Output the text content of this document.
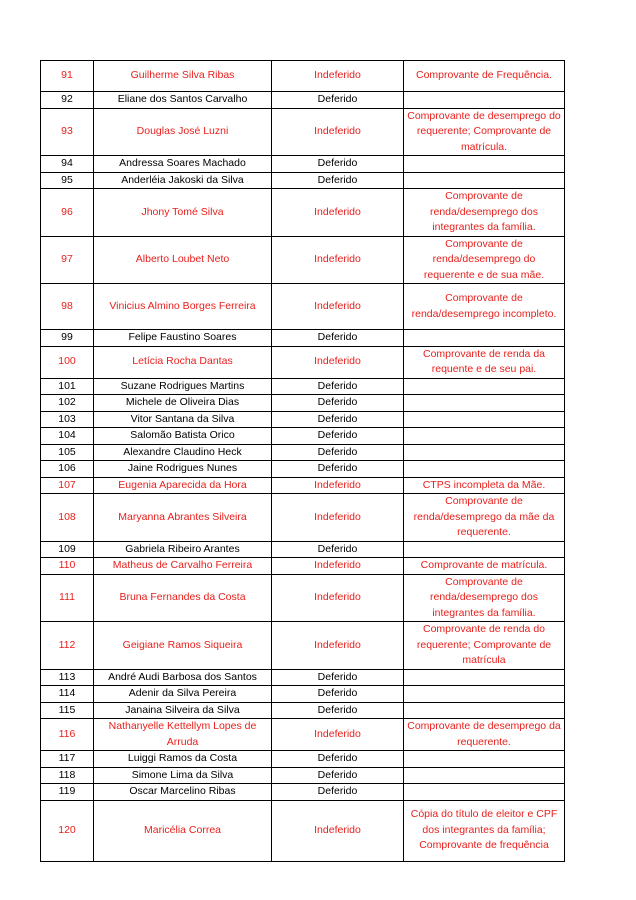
91	Guilherme Silva Ribas	Indeferido	Comprovante de Frequência.
92	Eliane dos Santos Carvalho	Deferido	
93	Douglas José Luzni	Indeferido	Comprovante de desemprego do requerente; Comprovante de matrícula.
94	Andressa Soares Machado	Deferido	
95	Anderléia Jakoski da Silva	Deferido	
96	Jhony Tomé Silva	Indeferido	Comprovante de renda/desemprego dos integrantes da família.
97	Alberto Loubet Neto	Indeferido	Comprovante de renda/desemprego do requerente e de sua mãe.
98	Vinicius Almino Borges Ferreira	Indeferido	Comprovante de renda/desemprego incompleto.
99	Felipe Faustino Soares	Deferido	
100	Letícia Rocha Dantas	Indeferido	Comprovante de renda da requente e de seu pai.
101	Suzane Rodrigues Martins	Deferido	
102	Michele de Oliveira Dias	Deferido	
103	Vitor Santana da Silva	Deferido	
104	Salomão Batista Orico	Deferido	
105	Alexandre Claudino Heck	Deferido	
106	Jaine Rodrigues Nunes	Deferido	
107	Eugenia Aparecida da Hora	Indeferido	CTPS incompleta da Mãe.
108	Maryanna Abrantes Silveira	Indeferido	Comprovante de renda/desemprego da mãe da requerente.
109	Gabriela Ribeiro Arantes	Deferido	
110	Matheus de Carvalho Ferreira	Indeferido	Comprovante de matrícula.
111	Bruna Fernandes da Costa	Indeferido	Comprovante de renda/desemprego dos integrantes da família.
112	Geigiane Ramos Siqueira	Indeferido	Comprovante de renda do requerente; Comprovante de matrícula
113	André Audi Barbosa dos Santos	Deferido	
114	Adenir da Silva Pereira	Deferido	
115	Janaina Silveira da Silva	Deferido	
116	Nathanyelle Kettellym Lopes de Arruda	Indeferido	Comprovante de desemprego da requerente.
117	Luiggi Ramos da Costa	Deferido	
118	Simone Lima da Silva	Deferido	
119	Oscar Marcelino Ribas	Deferido	
120	Maricélia Correa	Indeferido	Cópia do título de eleitor e CPF dos integrantes da família; Comprovante de frequência
